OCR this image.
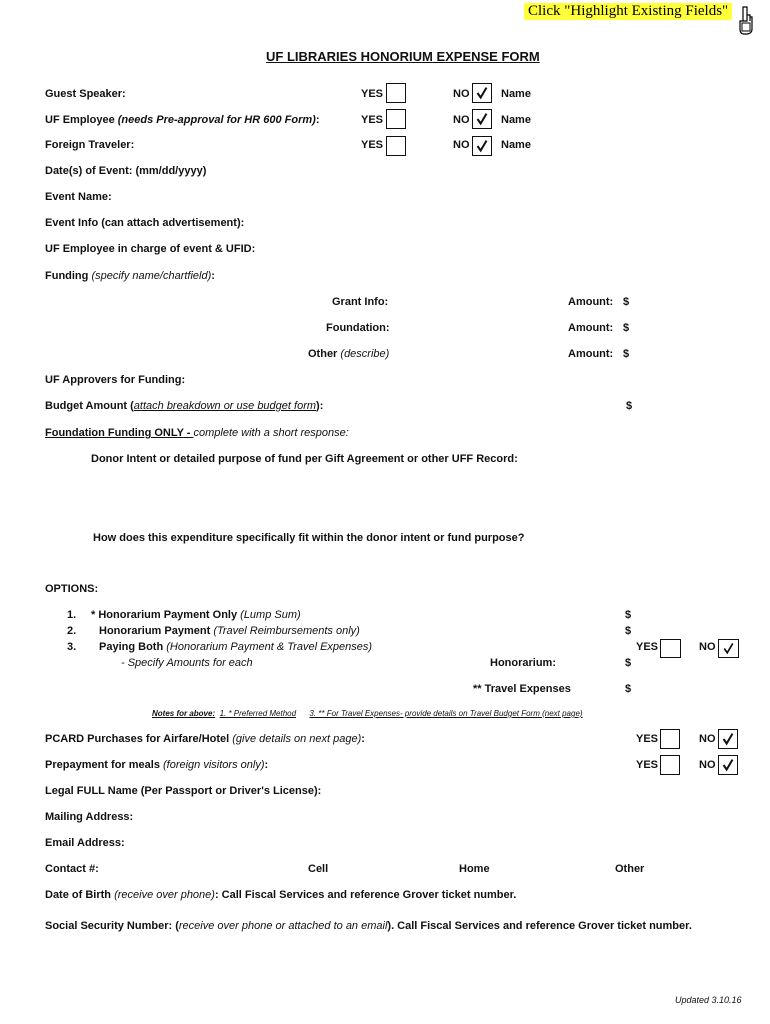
Click "Highlight Existing Fields"
UF LIBRARIES HONORIUM EXPENSE FORM
Guest Speaker:	YES	NO	Name
UF Employee (needs Pre-approval for HR 600 Form):	YES	NO	Name
Foreign Traveler:	YES	NO	Name
Date(s) of Event: (mm/dd/yyyy)
Event Name:
Event Info (can attach advertisement):
UF Employee in charge of event & UFID:
Funding (specify name/chartfield):
Grant Info:	Amount: $
Foundation:	Amount: $
Other (describe)	Amount: $
UF Approvers for Funding:
Budget Amount (attach breakdown or use budget form):	$
Foundation Funding ONLY - complete with a short response:
Donor Intent or detailed purpose of fund per Gift Agreement or other UFF Record:
How does this expenditure specifically fit within the donor intent or fund purpose?
OPTIONS:
1. * Honorarium Payment Only (Lump Sum)	$
2. Honorarium Payment (Travel Reimbursements only)	$
3. Paying Both (Honorarium Payment & Travel Expenses)	YES	NO
- Specify Amounts for each	Honorarium:	$
** Travel Expenses	$
Notes for above: 1. * Preferred Method 3. ** For Travel Expenses- provide details on Travel Budget Form (next page)
PCARD Purchases for Airfare/Hotel (give details on next page):	YES	NO
Prepayment for meals (foreign visitors only):	YES	NO
Legal FULL Name (Per Passport or Driver's License):
Mailing Address:
Email Address:
Contact #:	Cell	Home	Other
Date of Birth (receive over phone): Call Fiscal Services and reference Grover ticket number.
Social Security Number: (receive over phone or attached to an email). Call Fiscal Services and reference Grover ticket number.
Updated 3.10.16
